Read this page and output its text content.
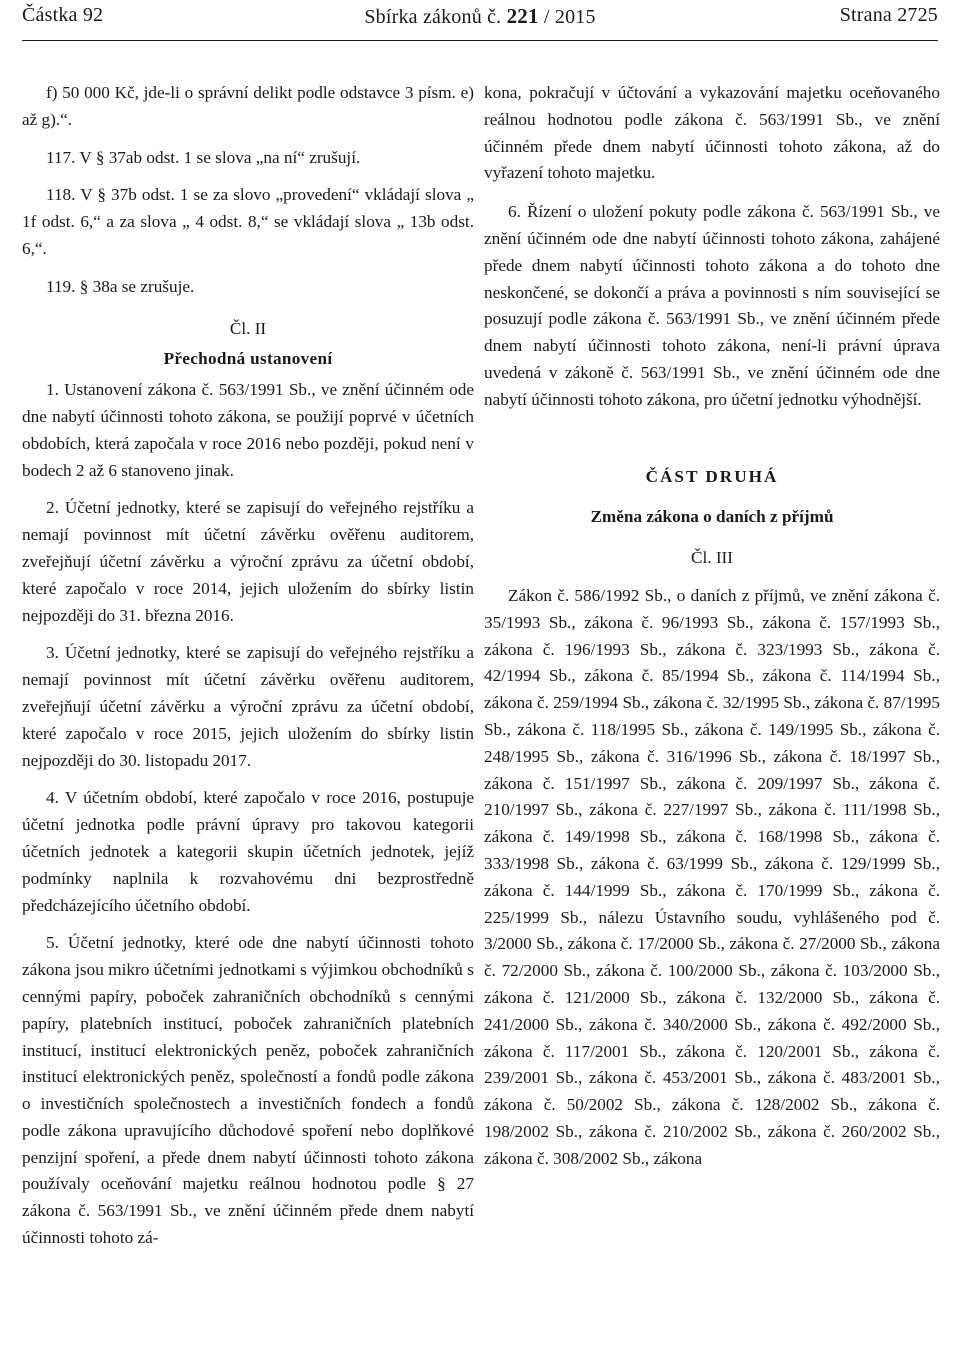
Částka 92	Sbírka zákonů č. 221 / 2015	Strana 2725

f) 50 000 Kč, jde-li o správní delikt podle odstavce 3 písm. e) až g).“.

117. V § 37ab odst. 1 se slova „na ní“ zrušují.

118. V § 37b odst. 1 se za slovo „provedení“ vkládají slova „ 1f odst. 6,“ a za slova „ 4 odst. 8,“ se vkládají slova „ 13b odst. 6,“.

119. § 38a se zrušuje.

Čl. II

Přechodná ustanovení

1. Ustanovení zákona č. 563/1991 Sb., ve znění účinném ode dne nabytí účinnosti tohoto zákona, se použijí poprvé v účetních obdobích, která započala v roce 2016 nebo později, pokud není v bodech 2 až 6 stanoveno jinak.

2. Účetní jednotky, které se zapisují do veřejného rejstříku a nemají povinnost mít účetní závěrku ověřenu auditorem, zveřejňují účetní závěrku a výroční zprávu za účetní období, které započalo v roce 2014, jejich uložením do sbírky listin nejpozději do 31. března 2016.

3. Účetní jednotky, které se zapisují do veřejného rejstříku a nemají povinnost mít účetní závěrku ověřenu auditorem, zveřejňují účetní závěrku a výroční zprávu za účetní období, které započalo v roce 2015, jejich uložením do sbírky listin nejpozději do 30. listopadu 2017.

4. V účetním období, které započalo v roce 2016, postupuje účetní jednotka podle právní úpravy pro takovou kategorii účetních jednotek a kategorii skupin účetních jednotek, jejíž podmínky naplnila k rozvahovému dni bezprostředně předcházejícího účetního období.

5. Účetní jednotky, které ode dne nabytí účinnosti tohoto zákona jsou mikro účetními jednotkami s výjimkou obchodníků s cennými papíry, poboček zahraničních obchodníků s cennými papíry, platebních institucí, poboček zahraničních platebních institucí, institucí elektronických peněz, poboček zahraničních institucí elektronických peněz, společností a fondů podle zákona o investičních společnostech a investičních fondech a fondů podle zákona upravujícího důchodové spoření nebo doplňkové penzijní spoření, a přede dnem nabytí účinnosti tohoto zákona používaly oceňování majetku reálnou hodnotou podle § 27 zákona č. 563/1991 Sb., ve znění účinném přede dnem nabytí účinnosti tohoto zá-

kona, pokračují v účtování a vykazování majetku oceňovaného reálnou hodnotou podle zákona č. 563/1991 Sb., ve znění účinném přede dnem nabytí účinnosti tohoto zákona, až do vyřazení tohoto majetku.

6. Řízení o uložení pokuty podle zákona č. 563/1991 Sb., ve znění účinném ode dne nabytí účinnosti tohoto zákona, zahájené přede dnem nabytí účinnosti tohoto zákona a do tohoto dne neskončené, se dokončí a práva a povinnosti s ním související se posuzují podle zákona č. 563/1991 Sb., ve znění účinném přede dnem nabytí účinnosti tohoto zákona, není-li právní úprava uvedená v zákoně č. 563/1991 Sb., ve znění účinném ode dne nabytí účinnosti tohoto zákona, pro účetní jednotku výhodnější.

ČÁST DRUHÁ

Změna zákona o daních z příjmů

Čl. III

Zákon č. 586/1992 Sb., o daních z příjmů, ve znění zákona č. 35/1993 Sb., zákona č. 96/1993 Sb., zákona č. 157/1993 Sb., zákona č. 196/1993 Sb., zákona č. 323/1993 Sb., zákona č. 42/1994 Sb., zákona č. 85/1994 Sb., zákona č. 114/1994 Sb., zákona č. 259/1994 Sb., zákona č. 32/1995 Sb., zákona č. 87/1995 Sb., zákona č. 118/1995 Sb., zákona č. 149/1995 Sb., zákona č. 248/1995 Sb., zákona č. 316/1996 Sb., zákona č. 18/1997 Sb., zákona č. 151/1997 Sb., zákona č. 209/1997 Sb., zákona č. 210/1997 Sb., zákona č. 227/1997 Sb., zákona č. 111/1998 Sb., zákona č. 149/1998 Sb., zákona č. 168/1998 Sb., zákona č. 333/1998 Sb., zákona č. 63/1999 Sb., zákona č. 129/1999 Sb., zákona č. 144/1999 Sb., zákona č. 170/1999 Sb., zákona č. 225/1999 Sb., nálezu Ústavního soudu, vyhlášeného pod č. 3/2000 Sb., zákona č. 17/2000 Sb., zákona č. 27/2000 Sb., zákona č. 72/2000 Sb., zákona č. 100/2000 Sb., zákona č. 103/2000 Sb., zákona č. 121/2000 Sb., zákona č. 132/2000 Sb., zákona č. 241/2000 Sb., zákona č. 340/2000 Sb., zákona č. 492/2000 Sb., zákona č. 117/2001 Sb., zákona č. 120/2001 Sb., zákona č. 239/2001 Sb., zákona č. 453/2001 Sb., zákona č. 483/2001 Sb., zákona č. 50/2002 Sb., zákona č. 128/2002 Sb., zákona č. 198/2002 Sb., zákona č. 210/2002 Sb., zákona č. 260/2002 Sb., zákona č. 308/2002 Sb., zákona
